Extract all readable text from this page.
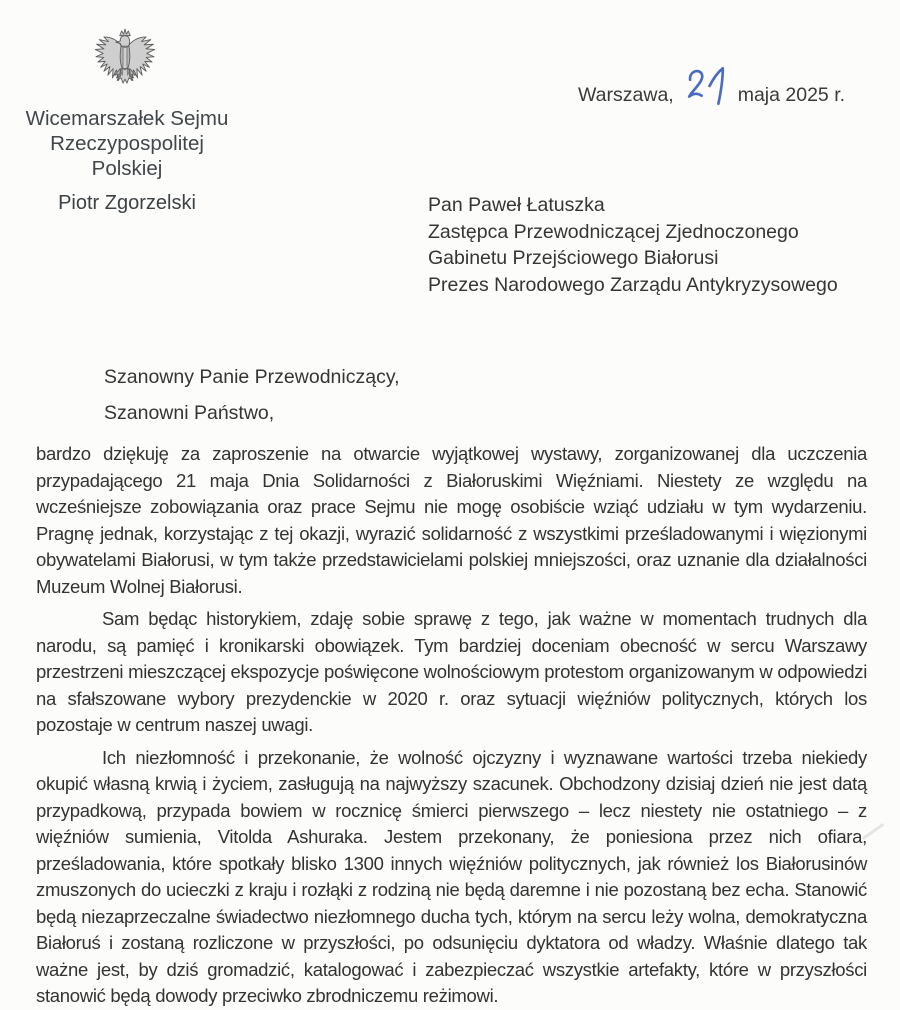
Wicemarszałek Sejmu
Rzeczypospolitej Polskiej
Piotr Zgorzelski
Warszawa,	maja 2025 r.
Pan Paweł Łatuszka
Zastępca Przewodniczącej Zjednoczonego
Gabinetu Przejściowego Białorusi
Prezes Narodowego Zarządu Antykryzysowego
Szanowny Panie Przewodniczący,
Szanowni Państwo,

bardzo dziękuję za zaproszenie na otwarcie wyjątkowej wystawy, zorganizowanej dla uczczenia przypadającego 21 maja Dnia Solidarności z Białoruskimi Więźniami. Niestety ze względu na wcześniejsze zobowiązania oraz prace Sejmu nie mogę osobiście wziąć udziału w tym wydarzeniu. Pragnę jednak, korzystając z tej okazji, wyrazić solidarność z wszystkimi prześladowanymi i więzionymi obywatelami Białorusi, w tym także przedstawicielami polskiej mniejszości, oraz uznanie dla działalności Muzeum Wolnej Białorusi.

Sam będąc historykiem, zdaję sobie sprawę z tego, jak ważne w momentach trudnych dla narodu, są pamięć i kronikarski obowiązek. Tym bardziej doceniam obecność w sercu Warszawy przestrzeni mieszczącej ekspozycje poświęcone wolnościowym protestom organizowanym w odpowiedzi na sfałszowane wybory prezydenckie w 2020 r. oraz sytuacji więźniów politycznych, których los pozostaje w centrum naszej uwagi.

Ich niezłomność i przekonanie, że wolność ojczyzny i wyznawane wartości trzeba niekiedy okupić własną krwią i życiem, zasługują na najwyższy szacunek. Obchodzony dzisiaj dzień nie jest datą przypadkową, przypada bowiem w rocznicę śmierci pierwszego – lecz niestety nie ostatniego – z więźniów sumienia, Vitolda Ashuraka. Jestem przekonany, że poniesiona przez nich ofiara, prześladowania, które spotkały blisko 1300 innych więźniów politycznych, jak również los Białorusinów zmuszonych do ucieczki z kraju i rozłąki z rodziną nie będą daremne i nie pozostaną bez echa. Stanowić będą niezaprzeczalne świadectwo niezłomnego ducha tych, którym na sercu leży wolna, demokratyczna Białoruś i zostaną rozliczone w przyszłości, po odsunięciu dyktatora od władzy. Właśnie dlatego tak ważne jest, by dziś gromadzić, katalogować i zabezpieczać wszystkie artefakty, które w przyszłości stanowić będą dowody przeciwko zbrodniczemu reżimowi.
